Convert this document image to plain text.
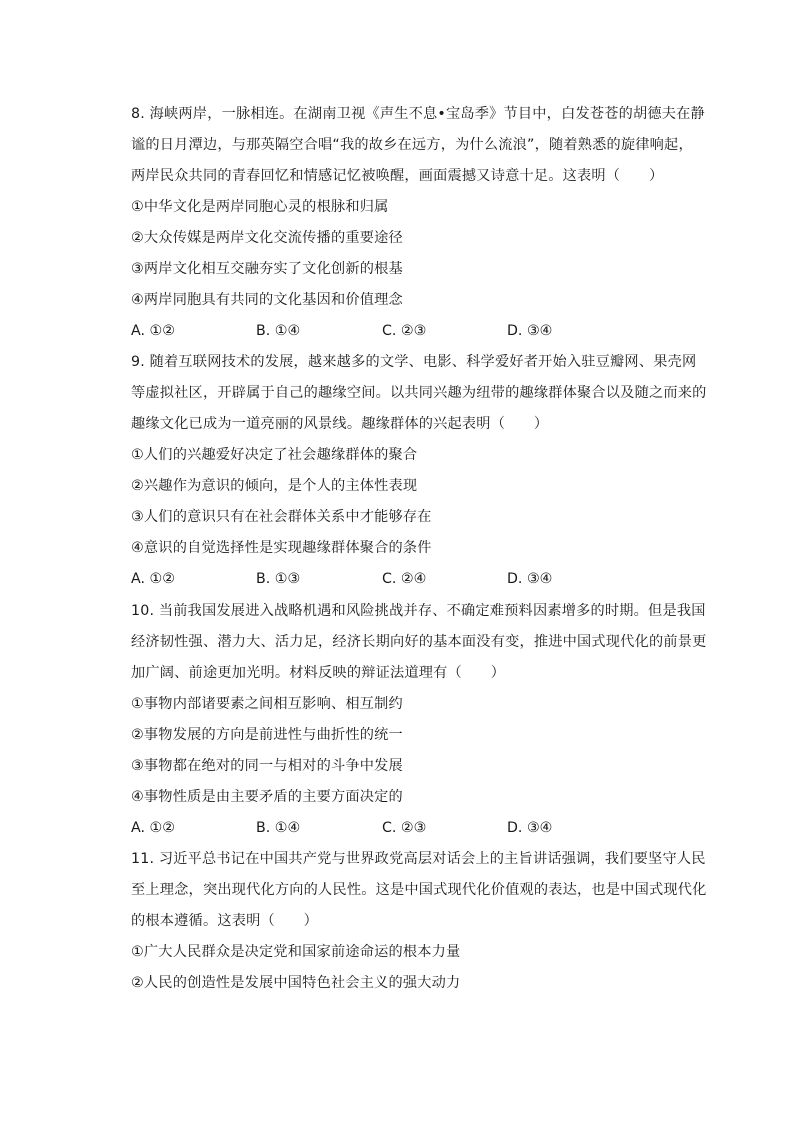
8. 海峡两岸，一脉相连。在湖南卫视《声生不息•宝岛季》节目中，白发苍苍的胡德夫在静
谧的日月潭边，与那英隔空合唱“我的故乡在远方，为什么流浪”，随着熟悉的旋律响起，
两岸民众共同的青春回忆和情感记忆被唤醒，画面震撼又诗意十足。这表明（　　）
①中华文化是两岸同胞心灵的根脉和归属
②大众传媒是两岸文化交流传播的重要途径
③两岸文化相互交融夯实了文化创新的根基
④两岸同胞具有共同的文化基因和价值理念
A. ①②	B. ①④	C. ②③	D. ③④
9. 随着互联网技术的发展，越来越多的文学、电影、科学爱好者开始入驻豆瓣网、果壳网
等虚拟社区，开辟属于自己的趣缘空间。以共同兴趣为纽带的趣缘群体聚合以及随之而来的
趣缘文化已成为一道亮丽的风景线。趣缘群体的兴起表明（　　）
①人们的兴趣爱好决定了社会趣缘群体的聚合
②兴趣作为意识的倾向，是个人的主体性表现
③人们的意识只有在社会群体关系中才能够存在
④意识的自觉选择性是实现趣缘群体聚合的条件
A. ①②	B. ①③	C. ②④	D. ③④
10. 当前我国发展进入战略机遇和风险挑战并存、不确定难预料因素增多的时期。但是我国
经济韧性强、潜力大、活力足，经济长期向好的基本面没有变，推进中国式现代化的前景更
加广阔、前途更加光明。材料反映的辩证法道理有（　　）
①事物内部诸要素之间相互影响、相互制约
②事物发展的方向是前进性与曲折性的统一
③事物都在绝对的同一与相对的斗争中发展
④事物性质是由主要矛盾的主要方面决定的
A. ①②	B. ①④	C. ②③	D. ③④
11. 习近平总书记在中国共产党与世界政党高层对话会上的主旨讲话强调，我们要坚守人民
至上理念，突出现代化方向的人民性。这是中国式现代化价值观的表达，也是中国式现代化
的根本遵循。这表明（　　）
①广大人民群众是决定党和国家前途命运的根本力量
②人民的创造性是发展中国特色社会主义的强大动力
